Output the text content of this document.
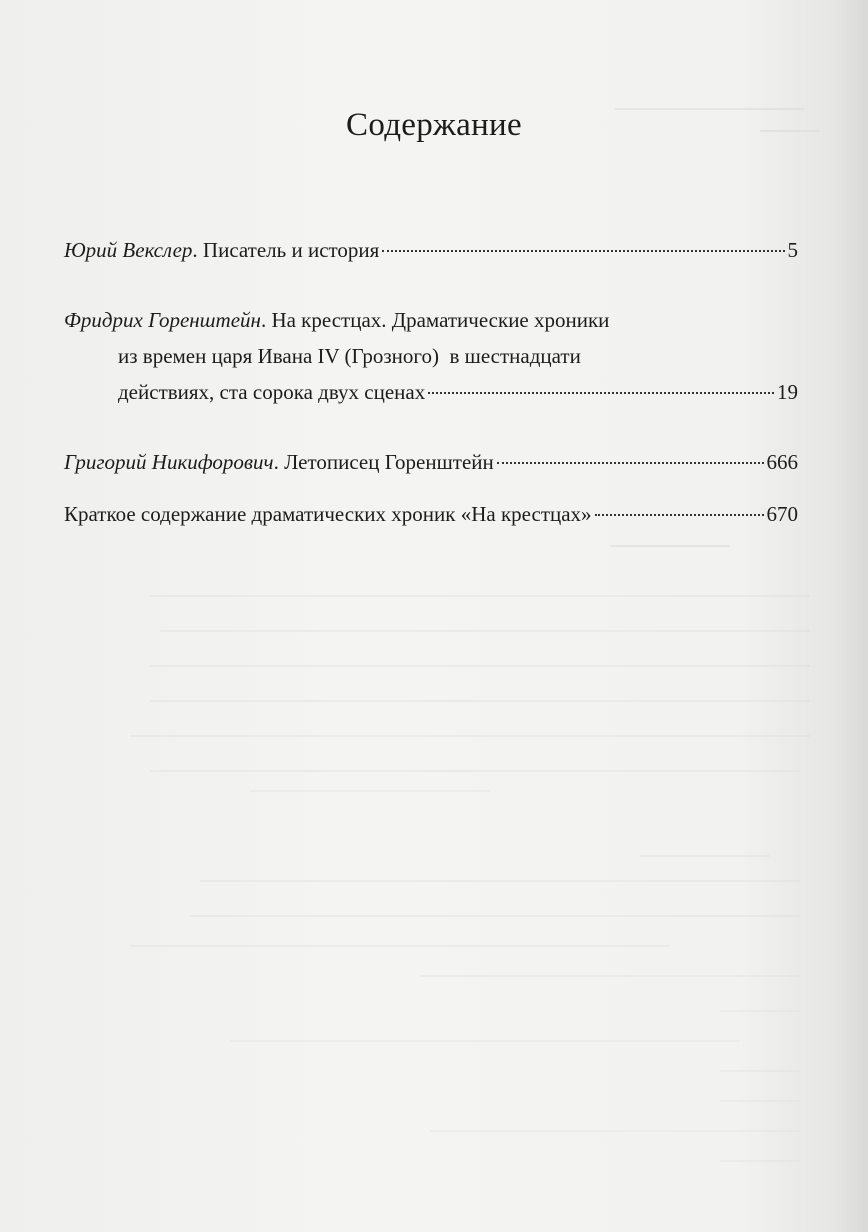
Содержание
Юрий Векслер . Писатель и история	5
Фридрих Горенштейн . На крестцах. Драматические хроники
из времен царя Ивана IV (Грозного)  в шестнадцати
действиях, ста сорока двух сценах	19
Григорий Никифорович . Летописец Горенштейн	666
Краткое содержание драматических хроник «На крестцах»	670
